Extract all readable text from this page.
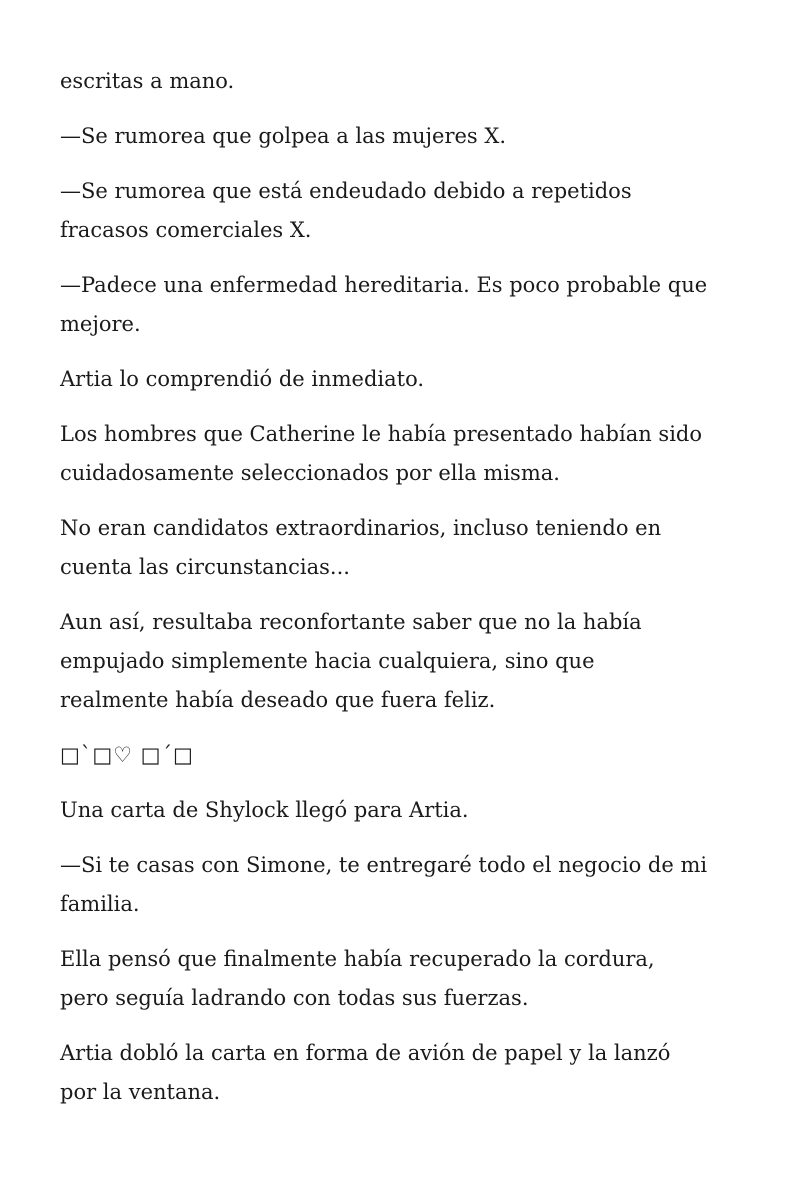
escritas a mano.
—Se rumorea que golpea a las mujeres X.
—Se rumorea que está endeudado debido a repetidos
fracasos comerciales X.
—Padece una enfermedad hereditaria. Es poco probable que
mejore.
Artia lo comprendió de inmediato.
Los hombres que Catherine le había presentado habían sido
cuidadosamente seleccionados por ella misma.
No eran candidatos extraordinarios, incluso teniendo en
cuenta las circunstancias...
Aun así, resultaba reconfortante saber que no la había
empujado simplemente hacia cualquiera, sino que
realmente había deseado que fuera feliz.
□`□♡ □´□
Una carta de Shylock llegó para Artia.
—Si te casas con Simone, te entregaré todo el negocio de mi
familia.
Ella pensó que finalmente había recuperado la cordura,
pero seguía ladrando con todas sus fuerzas.
Artia dobló la carta en forma de avión de papel y la lanzó
por la ventana.
